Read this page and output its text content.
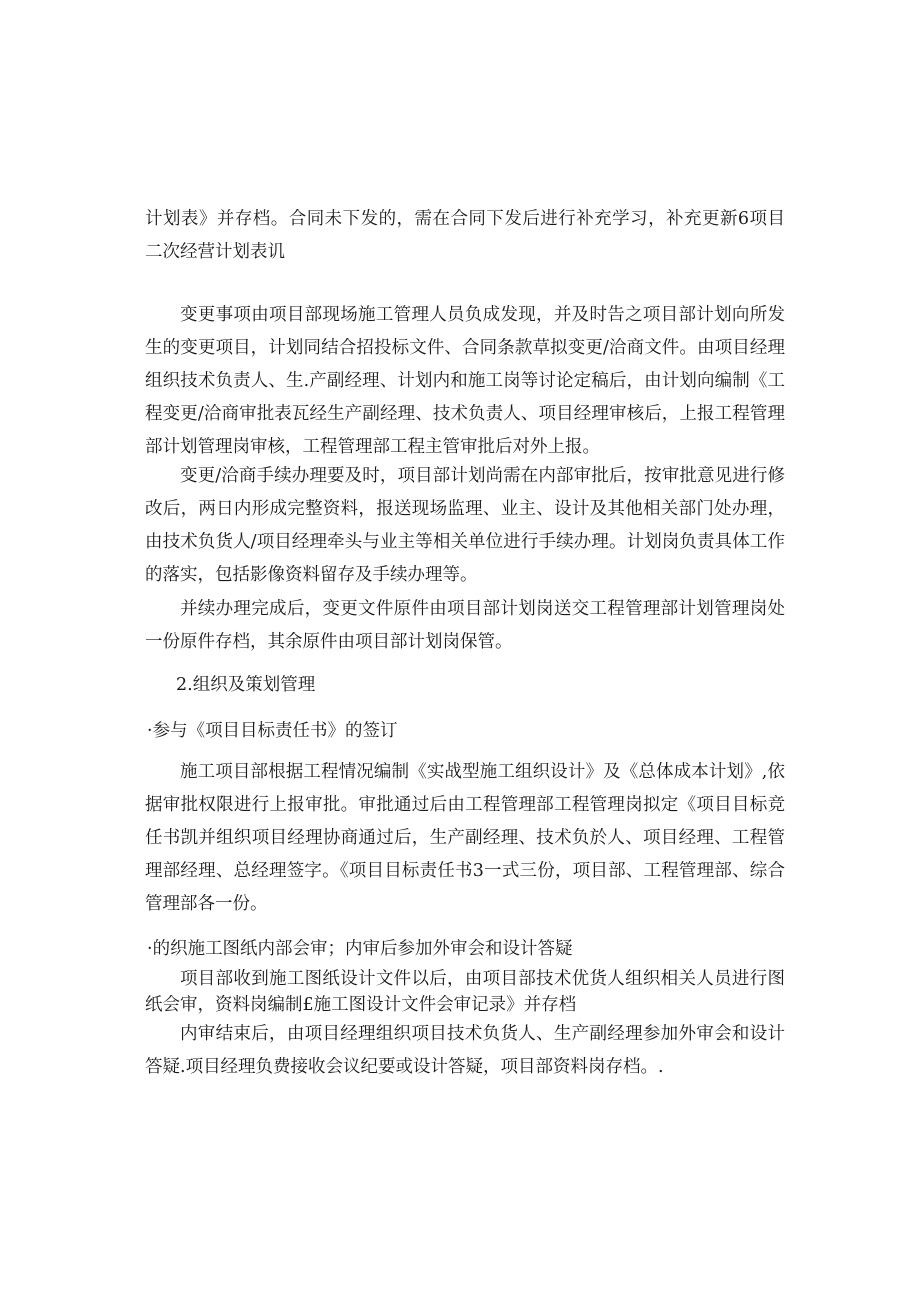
计划表》并存档。合同未下发的，需在合同下发后进行补充学习，补充更新6项目二次经营计划表讥

变更事项由项目部现场施工管理人员负成发现，并及时告之项目部计划向所发生的变更项目，计划同结合招投标文件、合同条款草拟变更/洽商文件。由项目经理组织技术负责人、生.产副经理、计划内和施工岗等讨论定稿后，由计划向编制《工程变更/洽商审批表瓦经生产副经理、技术负责人、项目经理审核后，上报工程管理部计划管理岗审核，工程管理部工程主管审批后对外上报。

变更/洽商手续办理要及时，项目部计划尚需在内部审批后，按审批意见进行修改后，两日内形成完整资料，报送现场监理、业主、设计及其他相关部门处办理，由技术负货人/项目经理牵头与业主等相关单位进行手续办理。计划岗负责具体工作的落实，包括影像资料留存及手续办理等。

并续办理完成后，变更文件原件由项目部计划岗送交工程管理部计划管理岗处一份原件存档，其余原件由项目部计划岗保管。

2.组织及策划管理

·参与《项目目标责任书》的签订

施工项目部根据工程情况编制《实战型施工组织设计》及《总体成本计划》,依据审批权限进行上报审批。审批通过后由工程管理部工程管理岗拟定《项目目标竞任书凯并组织项目经理协商通过后，生产副经理、技术负於人、项目经理、工程管理部经理、总经理签字。《项目目标责任书3一式三份，项目部、工程管理部、综合管理部各一份。

·的织施工图纸内部会审；内审后参加外审会和设计答疑

项目部收到施工图纸设计文件以后，由项目部技术优货人组织相关人员进行图纸会审，资料岗编制£施工图设计文件会审记录》并存档

内审结束后，由项目经理组织项目技术负货人、生产副经理参加外审会和设计答疑.项目经理负费接收会议纪要或设计答疑，项目部资料岗存档。.
